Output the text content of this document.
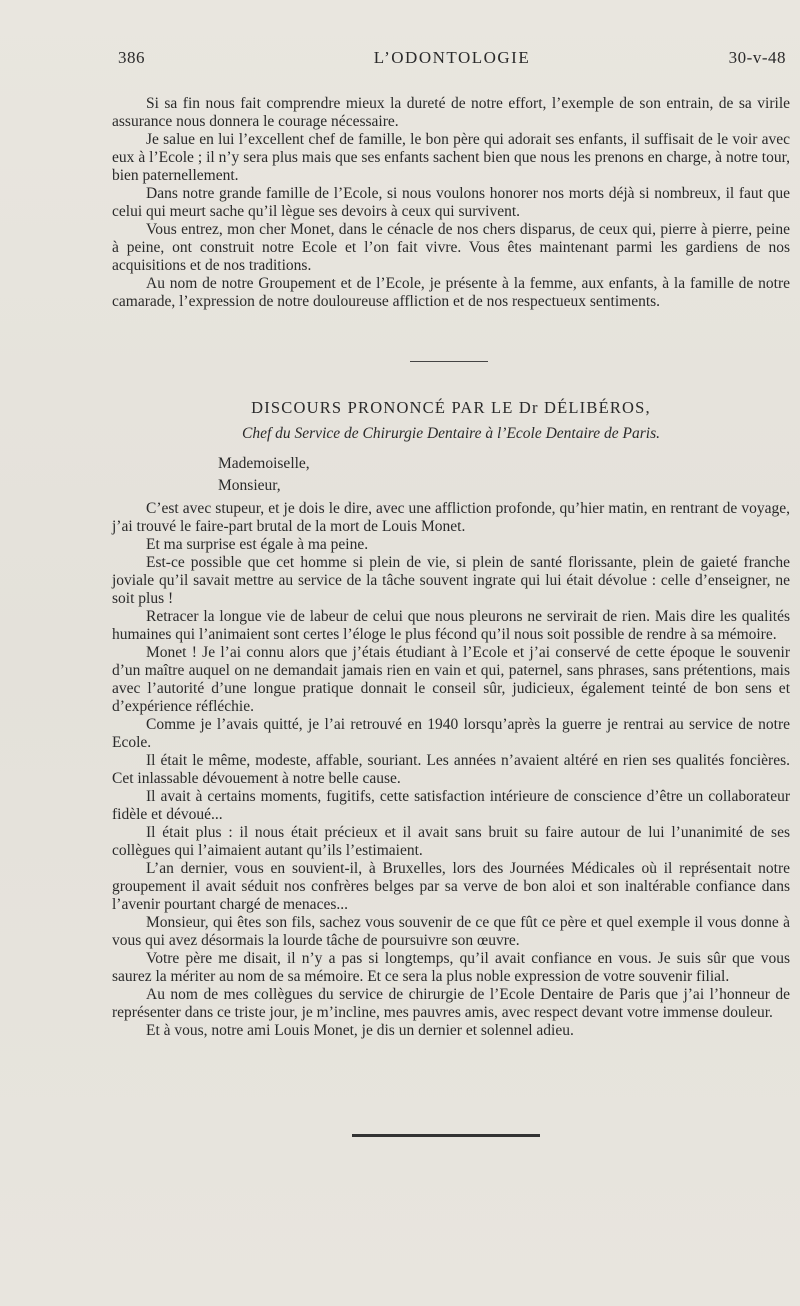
386	L’ODONTOLOGIE	30-v-48

Si sa fin nous fait comprendre mieux la dureté de notre effort, l’exemple de son entrain, de sa virile assurance nous donnera le courage nécessaire.

Je salue en lui l’excellent chef de famille, le bon père qui adorait ses enfants, il suffisait de le voir avec eux à l’Ecole ; il n’y sera plus mais que ses enfants sachent bien que nous les prenons en charge, à notre tour, bien paternellement.

Dans notre grande famille de l’Ecole, si nous voulons honorer nos morts déjà si nombreux, il faut que celui qui meurt sache qu’il lègue ses devoirs à ceux qui survivent.

Vous entrez, mon cher Monet, dans le cénacle de nos chers disparus, de ceux qui, pierre à pierre, peine à peine, ont construit notre Ecole et l’on fait vivre. Vous êtes maintenant parmi les gardiens de nos acquisitions et de nos traditions.

Au nom de notre Groupement et de l’Ecole, je présente à la femme, aux enfants, à la famille de notre camarade, l’expression de notre douloureuse affliction et de nos respectueux sentiments.

DISCOURS PRONONCÉ PAR LE Dr DÉLIBÉROS,
Chef du Service de Chirurgie Dentaire à l’Ecole Dentaire de Paris.
Mademoiselle,
Monsieur,

C’est avec stupeur, et je dois le dire, avec une affliction profonde, qu’hier matin, en rentrant de voyage, j’ai trouvé le faire-part brutal de la mort de Louis Monet.

Et ma surprise est égale à ma peine.

Est-ce possible que cet homme si plein de vie, si plein de santé florissante, plein de gaieté franche joviale qu’il savait mettre au service de la tâche souvent ingrate qui lui était dévolue : celle d’enseigner, ne soit plus !

Retracer la longue vie de labeur de celui que nous pleurons ne servirait de rien. Mais dire les qualités humaines qui l’animaient sont certes l’éloge le plus fécond qu’il nous soit possible de rendre à sa mémoire.

Monet ! Je l’ai connu alors que j’étais étudiant à l’Ecole et j’ai conservé de cette époque le souvenir d’un maître auquel on ne demandait jamais rien en vain et qui, paternel, sans phrases, sans prétentions, mais avec l’autorité d’une longue pratique donnait le conseil sûr, judicieux, également teinté de bon sens et d’expérience réfléchie.

Comme je l’avais quitté, je l’ai retrouvé en 1940 lorsqu’après la guerre je rentrai au service de notre Ecole.

Il était le même, modeste, affable, souriant. Les années n’avaient altéré en rien ses qualités foncières. Cet inlassable dévouement à notre belle cause.

Il avait à certains moments, fugitifs, cette satisfaction intérieure de conscience d’être un collaborateur fidèle et dévoué...

Il était plus : il nous était précieux et il avait sans bruit su faire autour de lui l’unanimité de ses collègues qui l’aimaient autant qu’ils l’estimaient.

L’an dernier, vous en souvient-il, à Bruxelles, lors des Journées Médicales où il représentait notre groupement il avait séduit nos confrères belges par sa verve de bon aloi et son inaltérable confiance dans l’avenir pourtant chargé de menaces...

Monsieur, qui êtes son fils, sachez vous souvenir de ce que fût ce père et quel exemple il vous donne à vous qui avez désormais la lourde tâche de poursuivre son œuvre.

Votre père me disait, il n’y a pas si longtemps, qu’il avait confiance en vous. Je suis sûr que vous saurez la mériter au nom de sa mémoire. Et ce sera la plus noble expression de votre souvenir filial.

Au nom de mes collègues du service de chirurgie de l’Ecole Dentaire de Paris que j’ai l’honneur de représenter dans ce triste jour, je m’incline, mes pauvres amis, avec respect devant votre immense douleur.

Et à vous, notre ami Louis Monet, je dis un dernier et solennel adieu.
